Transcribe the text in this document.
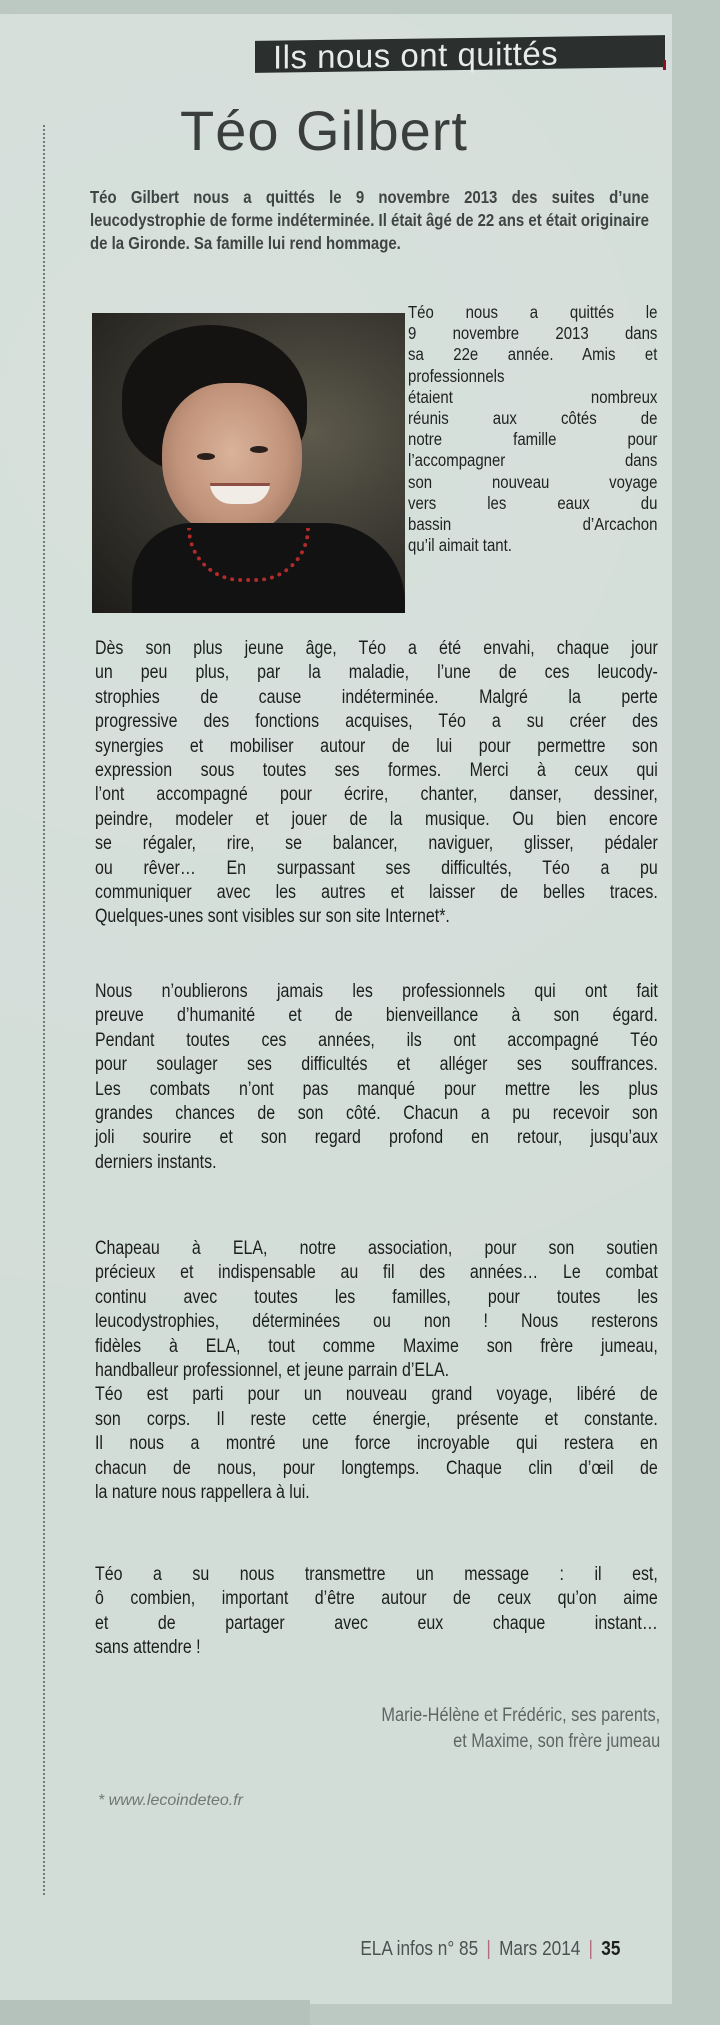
Ils nous ont quittés
Téo Gilbert
Téo Gilbert nous a quittés le 9 novembre 2013 des suites d’une leucodystrophie de forme indéterminée. Il était âgé de 22 ans et était originaire de la Gironde. Sa famille lui rend hommage.
Téo nous a quittés le
9 novembre 2013 dans
sa 22e année. Amis et
professionnels
étaient nombreux
réunis aux côtés de
notre famille pour
l’accompagner dans
son nouveau voyage
vers les eaux du
bassin d’Arcachon
qu’il aimait tant.
Dès son plus jeune âge, Téo a été envahi, chaque jour
un peu plus, par la maladie, l’une de ces leucody-
strophies de cause indéterminée. Malgré la perte
progressive des fonctions acquises, Téo a su créer des
synergies et mobiliser autour de lui pour permettre son
expression sous toutes ses formes. Merci à ceux qui
l’ont accompagné pour écrire, chanter, danser, dessiner,
peindre, modeler et jouer de la musique. Ou bien encore
se régaler, rire, se balancer, naviguer, glisser, pédaler
ou rêver… En surpassant ses difficultés, Téo a pu
communiquer avec les autres et laisser de belles traces.
Quelques-unes sont visibles sur son site Internet*.
Nous n’oublierons jamais les professionnels qui ont fait
preuve d’humanité et de bienveillance à son égard.
Pendant toutes ces années, ils ont accompagné Téo
pour soulager ses difficultés et alléger ses souffrances.
Les combats n’ont pas manqué pour mettre les plus
grandes chances de son côté. Chacun a pu recevoir son
joli sourire et son regard profond en retour, jusqu’aux
derniers instants.
Chapeau à ELA, notre association, pour son soutien
précieux et indispensable au fil des années… Le combat
continu avec toutes les familles, pour toutes les
leucodystrophies, déterminées ou non ! Nous resterons
fidèles à ELA, tout comme Maxime son frère jumeau,
handballeur professionnel, et jeune parrain d’ELA.
Téo est parti pour un nouveau grand voyage, libéré de
son corps. Il reste cette énergie, présente et constante.
Il nous a montré une force incroyable qui restera en
chacun de nous, pour longtemps. Chaque clin d’œil de
la nature nous rappellera à lui.
Téo a su nous transmettre un message : il est,
ô combien, important d’être autour de ceux qu’on aime
et de partager avec eux chaque instant…
sans attendre !
Marie-Hélène et Frédéric, ses parents,
et Maxime, son frère jumeau
* www.lecoindeteo.fr
ELA infos n° 85 | Mars 2014 | 35
